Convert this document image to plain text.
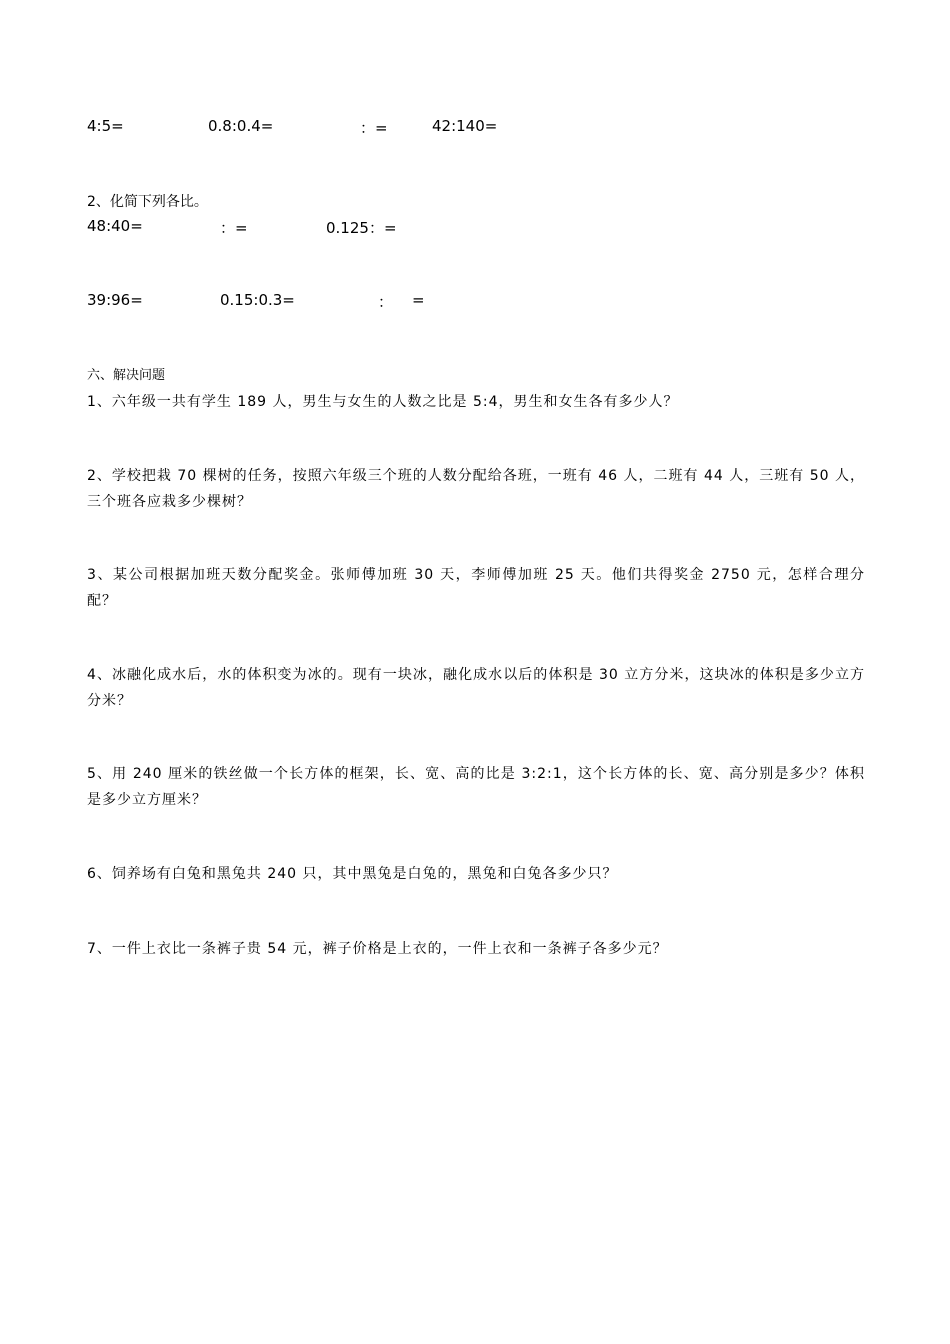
4:5=	0.8:0.4=	：=	42:140=
2、化简下列各比。
48:40=	：=	0.125：=
39:96=	0.15:0.3=	： =
六、解决问题
1、六年级一共有学生 189 人，男生与女生的人数之比是 5:4，男生和女生各有多少人？
2、学校把栽 70 棵树的任务，按照六年级三个班的人数分配给各班，一班有 46 人，二班有 44 人，三班有 50 人，三个班各应栽多少棵树？
3、某公司根据加班天数分配奖金。张师傅加班 30 天，李师傅加班 25 天。他们共得奖金 2750 元，怎样合理分配？
4、冰融化成水后，水的体积变为冰的。现有一块冰，融化成水以后的体积是 30 立方分米，这块冰的体积是多少立方分米？
5、用 240 厘米的铁丝做一个长方体的框架，长、宽、高的比是 3:2:1，这个长方体的长、宽、高分别是多少？体积是多少立方厘米？
6、饲养场有白兔和黑兔共 240 只，其中黑兔是白兔的，黑兔和白兔各多少只？
7、一件上衣比一条裤子贵 54 元，裤子价格是上衣的，一件上衣和一条裤子各多少元？
